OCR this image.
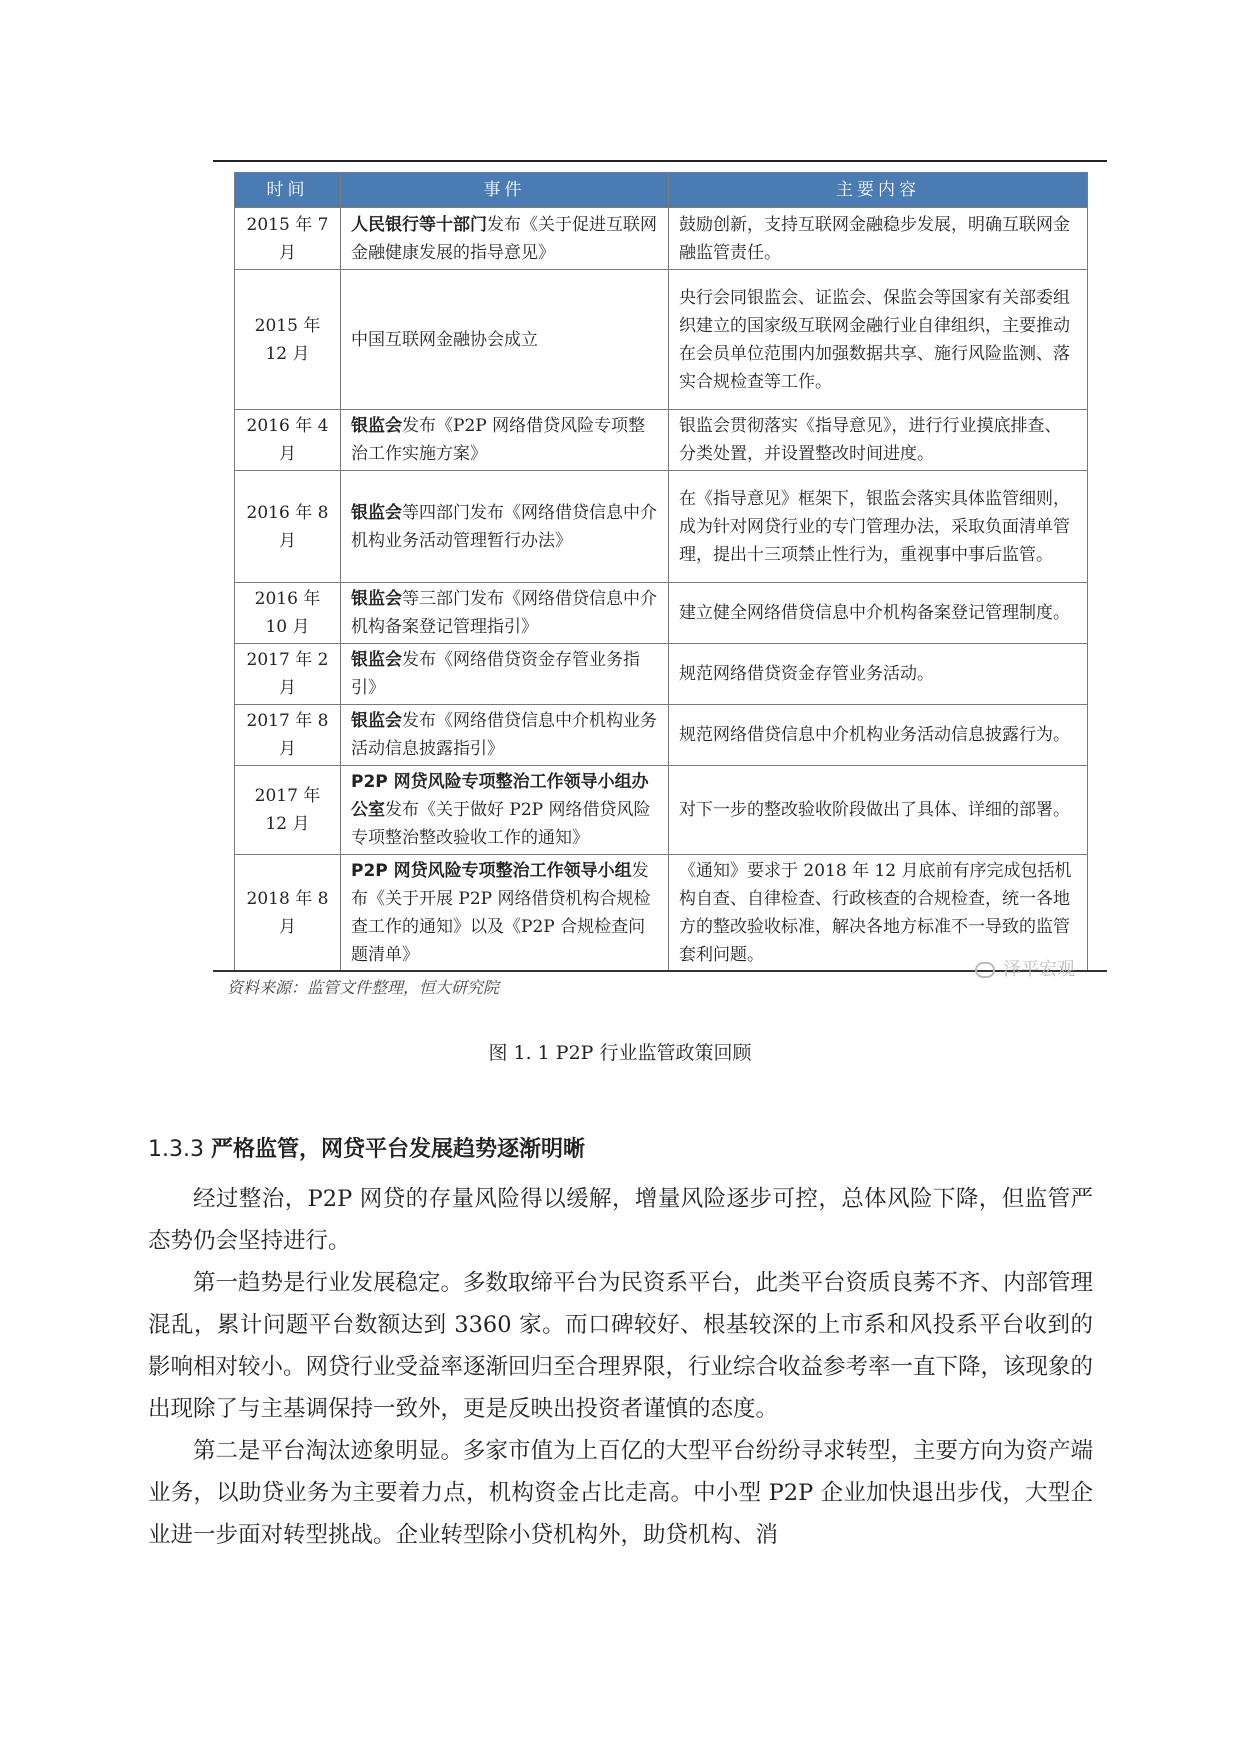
时间	事件	主要内容
2015 年 7 月	人民银行等十部门发布《关于促进互联网金融健康发展的指导意见》	鼓励创新，支持互联网金融稳步发展，明确互联网金融监管责任。
2015 年 12 月	中国互联网金融协会成立	央行会同银监会、证监会、保监会等国家有关部委组织建立的国家级互联网金融行业自律组织，主要推动在会员单位范围内加强数据共享、施行风险监测、落实合规检查等工作。
2016 年 4 月	银监会发布《P2P 网络借贷风险专项整治工作实施方案》	银监会贯彻落实《指导意见》，进行行业摸底排查、分类处置，并设置整改时间进度。
2016 年 8 月	银监会等四部门发布《网络借贷信息中介机构业务活动管理暂行办法》	在《指导意见》框架下，银监会落实具体监管细则，成为针对网贷行业的专门管理办法，采取负面清单管理，提出十三项禁止性行为，重视事中事后监管。
2016 年 10 月	银监会等三部门发布《网络借贷信息中介机构备案登记管理指引》	建立健全网络借贷信息中介机构备案登记管理制度。
2017 年 2 月	银监会发布《网络借贷资金存管业务指引》	规范网络借贷资金存管业务活动。
2017 年 8 月	银监会发布《网络借贷信息中介机构业务活动信息披露指引》	规范网络借贷信息中介机构业务活动信息披露行为。
2017 年 12 月	P2P 网贷风险专项整治工作领导小组办公室发布《关于做好 P2P 网络借贷风险专项整治整改验收工作的通知》	对下一步的整改验收阶段做出了具体、详细的部署。
2018 年 8 月	P2P 网贷风险专项整治工作领导小组发布《关于开展 P2P 网络借贷机构合规检查工作的通知》以及《P2P 合规检查问题清单》	《通知》要求于 2018 年 12 月底前有序完成包括机构自查、自律检查、行政核查的合规检查，统一各地方的整改验收标准，解决各地方标准不一导致的监管套利问题。
资料来源：监管文件整理，恒大研究院
泽平宏观
图 1. 1 P2P 行业监管政策回顾
1.3.3 严格监管，网贷平台发展趋势逐渐明晰

经过整治，P2P 网贷的存量风险得以缓解，增量风险逐步可控，总体风险下降，但监管严态势仍会坚持进行。

第一趋势是行业发展稳定。多数取缔平台为民资系平台，此类平台资质良莠不齐、内部管理混乱，累计问题平台数额达到 3360 家。而口碑较好、根基较深的上市系和风投系平台收到的影响相对较小。网贷行业受益率逐渐回归至合理界限，行业综合收益参考率一直下降，该现象的出现除了与主基调保持一致外，更是反映出投资者谨慎的态度。

第二是平台淘汰迹象明显。多家市值为上百亿的大型平台纷纷寻求转型，主要方向为资产端业务，以助贷业务为主要着力点，机构资金占比走高。中小型 P2P 企业加快退出步伐，大型企业进一步面对转型挑战。企业转型除小贷机构外，助贷机构、消
